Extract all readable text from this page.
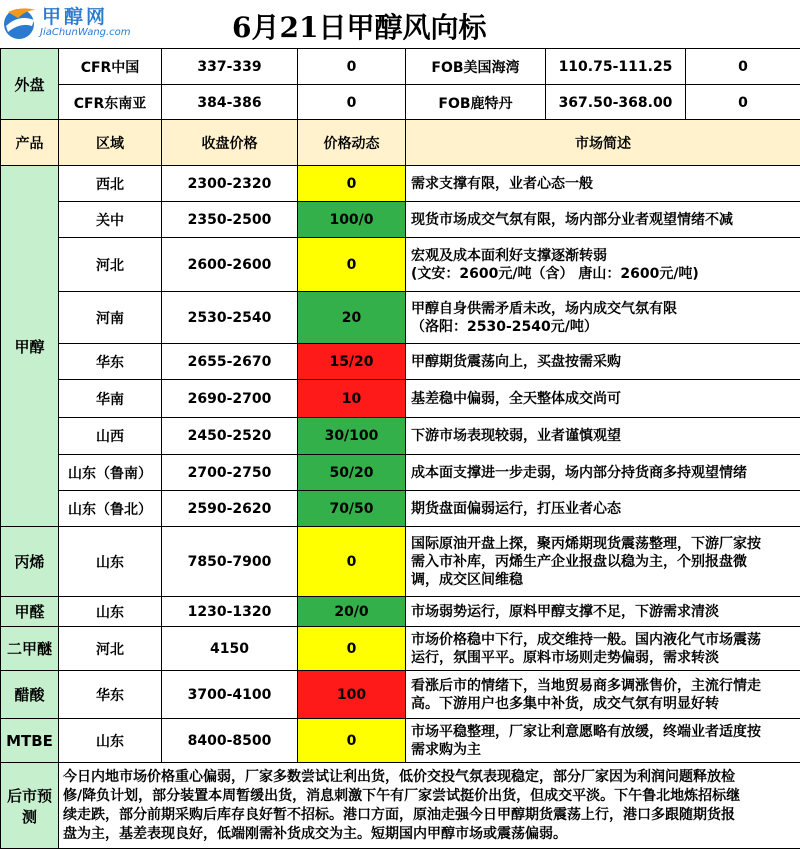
甲醇网
JiaChunWang.com	6月21日甲醇风向标
外盘	CFR中国	337-339	0	FOB美国海湾	110.75-111.25	0
	CFR东南亚	384-386	0	FOB鹿特丹	367.50-368.00	0
产品	区域	收盘价格	价格动态	市场简述
甲醇	西北	2300-2320	0	需求支撑有限，业者心态一般

	关中	2350-2500	100/0	现货市场成交气氛有限，场内部分业者观望情绪不减

	河北	2600-2600	0	宏观及成本面利好支撑逐渐转弱
(文安：2600元/吨（含） 唐山：2600元/吨)

	河南	2530-2540	20	甲醇自身供需矛盾未改，场内成交气氛有限
（洛阳：2530-2540元/吨）

	华东	2655-2670	15/20	甲醇期货震荡向上，买盘按需采购

	华南	2690-2700	10	基差稳中偏弱，全天整体成交尚可

	山西	2450-2520	30/100	下游市场表现较弱，业者谨慎观望

	山东（鲁南）	2700-2750	50/20	成本面支撑进一步走弱，场内部分持货商多持观望情绪

	山东（鲁北）	2590-2620	70/50	期货盘面偏弱运行，打压业者心态

丙烯	山东	7850-7900	0	国际原油开盘上探，聚丙烯期现货震荡整理，下游厂家按
需入市补库，丙烯生产企业报盘以稳为主，个别报盘微
调，成交区间维稳

甲醛	山东	1230-1320	20/0	市场弱势运行，原料甲醇支撑不足，下游需求清淡

二甲醚	河北	4150	0	市场价格稳中下行，成交维持一般。国内液化气市场震荡
运行，氛围平平。原料市场则走势偏弱，需求转淡

醋酸	华东	3700-4100	100	看涨后市的情绪下，当地贸易商多调涨售价，主流行情走
高。下游用户也多集中补货，成交气氛有明显好转

MTBE	山东	8400-8500	0	市场平稳整理，厂家让利意愿略有放缓，终端业者适度按
需求购为主

后市预测	今日内地市场价格重心偏弱，厂家多数尝试让利出货，低价交投气氛表现稳定，部分厂家因为利润问题释放检
修/降负计划，部分装置本周暂缓出货，消息刺激下午有厂家尝试挺价出货，但成交平淡。下午鲁北地炼招标继
续走跌，部分前期采购后库存良好暂不招标。港口方面，原油走强今日甲醇期货震荡上行，港口多跟随期货报
盘为主，基差表现良好，低端刚需补货成交为主。短期国内甲醇市场或震荡偏弱。			
